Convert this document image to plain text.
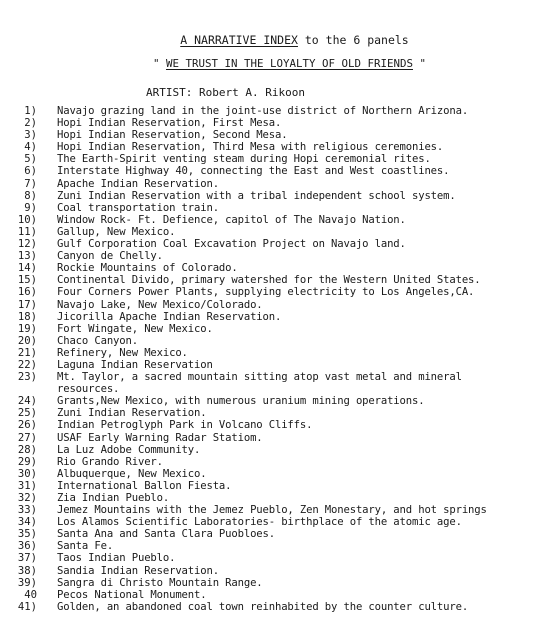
A NARRATIVE INDEX to the 6 panels
" WE TRUST IN THE LOYALTY OF OLD FRIENDS "
ARTIST: Robert A. Rikoon
1) Navajo grazing land in the joint-use district of Northern Arizona.
2) Hopi Indian Reservation, First Mesa.
3) Hopi Indian Reservation, Second Mesa.
4) Hopi Indian Reservation, Third Mesa with religious ceremonies.
5) The Earth-Spirit venting steam during Hopi ceremonial rites.
6) Interstate Highway 40, connecting the East and West coastlines.
7) Apache Indian Reservation.
8) Zuni Indian Reservation with a tribal independent school system.
9) Coal transportation train.
10) Window Rock- Ft. Defience, capitol of The Navajo Nation.
11) Gallup, New Mexico.
12) Gulf Corporation Coal Excavation Project on Navajo land.
13) Canyon de Chelly.
14) Rockie Mountains of Colorado.
15) Continental Divido, primary watershed for the Western United States.
16) Four Corners Power Plants, supplying electricity to Los Angeles,CA.
17) Navajo Lake, New Mexico/Colorado.
18) Jicorilla Apache Indian Reservation.
19) Fort Wingate, New Mexico.
20) Chaco Canyon.
21) Refinery, New Mexico.
22) Laguna Indian Reservation
23) Mt. Taylor, a sacred mountain sitting atop vast metal and mineral
resources.
24) Grants,New Mexico, with numerous uranium mining operations.
25) Zuni Indian Reservation.
26) Indian Petroglyph Park in Volcano Cliffs.
27) USAF Early Warning Radar Statiom.
28) La Luz Adobe Community.
29) Rio Grando River.
30) Albuquerque, New Mexico.
31) International Ballon Fiesta.
32) Zia Indian Pueblo.
33) Jemez Mountains with the Jemez Pueblo, Zen Monestary, and hot springs
34) Los Alamos Scientific Laboratories- birthplace of the atomic age.
35) Santa Ana and Santa Clara Puobloes.
36) Santa Fe.
37) Taos Indian Pueblo.
38) Sandia Indian Reservation.
39) Sangra di Christo Mountain Range.
40 Pecos National Monument.
41) Golden, an abandoned coal town reinhabited by the counter culture.
